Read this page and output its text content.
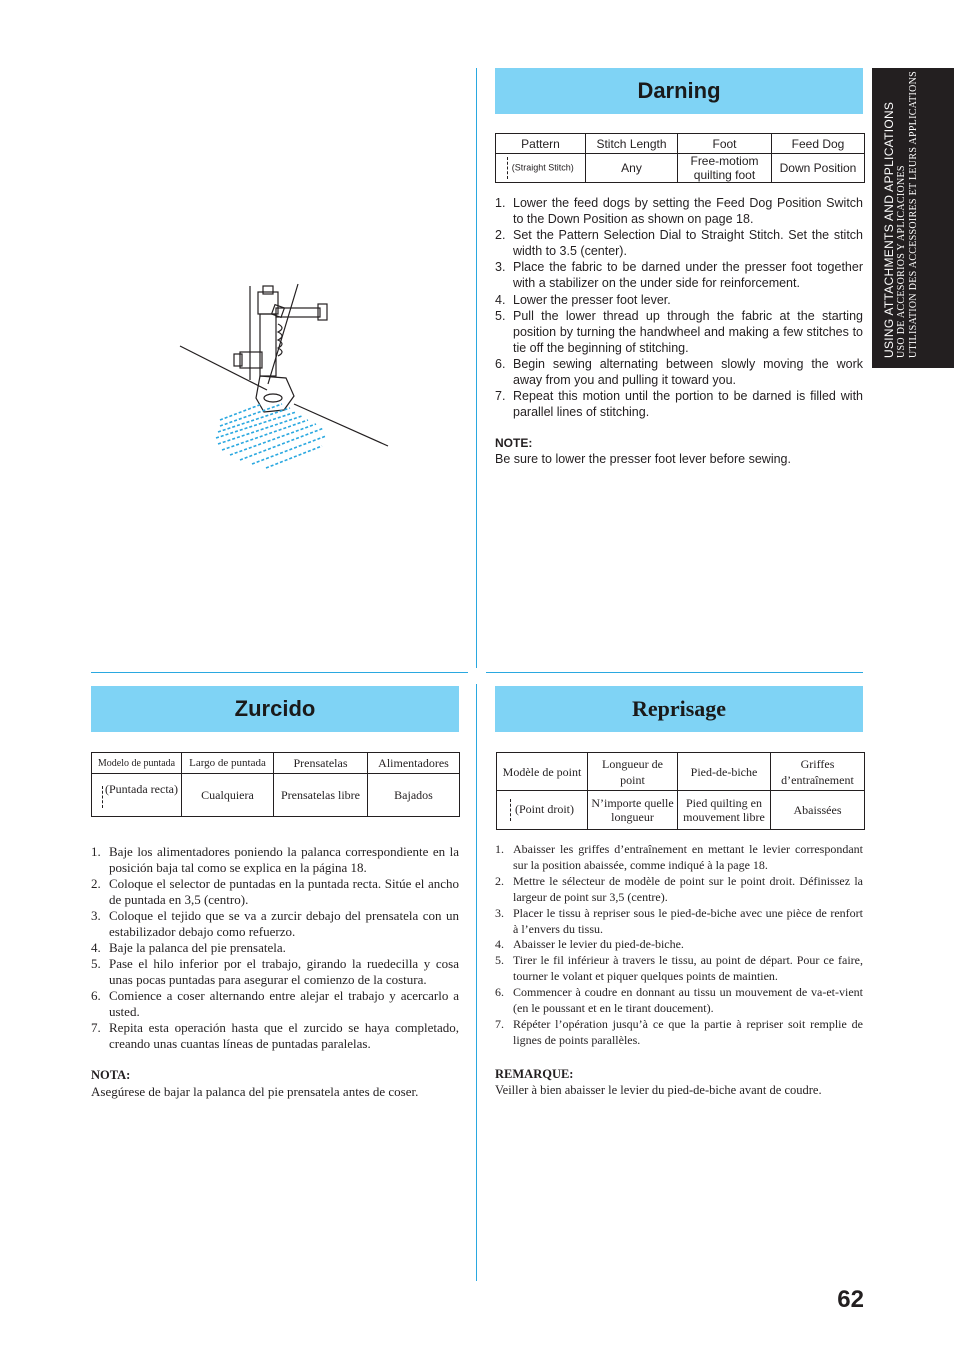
USING ATTACHMENTS AND APPLICATIONS USO DE ACCESORIOS Y APLICACIONES UTILISATION DES ACCESSOIRES ET LEURS APPLICATIONS
Darning
Pattern	Stitch Length	Foot	Feed Dog
(Straight Stitch)	Any	Free-motiom quilting foot	Down Position
1. Lower the feed dogs by setting the Feed Dog Position Switch to the Down Position as shown on page 18.
2. Set the Pattern Selection Dial to Straight Stitch. Set the stitch width to 3.5 (center).
3. Place the fabric to be darned under the presser foot together with a stabilizer on the under side for reinforcement.
4. Lower the presser foot lever.
5. Pull the lower thread up through the fabric at the starting position by turning the handwheel and making a few stitches to tie off the beginning of stitching.
6. Begin sewing alternating between slowly moving the work away from you and pulling it toward you.
7. Repeat this motion until the portion to be darned is filled with parallel lines of stitching.
NOTE:
Be sure to lower the presser foot lever before sewing.
Zurcido
Modelo de puntada	Largo de puntada	Prensatelas	Alimentadores

(Puntada recta)	Cualquiera	Prensatelas libre	Bajados
1. Baje los alimentadores poniendo la palanca correspondiente en la posición baja tal como se explica en la página 18.
2. Coloque el selector de puntadas en la puntada recta. Sitúe el ancho de puntada en 3,5 (centro).
3. Coloque el tejido que se va a zurcir debajo del prensatela con un estabilizador debajo como refuerzo.
4. Baje la palanca del pie prensatela.
5. Pase el hilo inferior por el trabajo, girando la ruedecilla y cosa unas pocas puntadas para asegurar el comienzo de la costura.
6. Comience a coser alternando entre alejar el trabajo y acercarlo a usted.
7. Repita esta operación hasta que el zurcido se haya completado, creando unas cuantas líneas de puntadas paralelas.
NOTA:
Asegúrese de bajar la palanca del pie prensatela antes de coser.
Reprisage
Modèle de point	Longueur de point	Pied-de-biche	Griffes d’entraînement
(Point droit)	N’importe quelle longueur	Pied quilting en mouvement libre	Abaissées
1. Abaisser les griffes d’entraînement en mettant le levier correspondant sur la position abaissée, comme indiqué à la page 18.
2. Mettre le sélecteur de modèle de point sur le point droit. Définissez la largeur de point sur 3,5 (centre).
3. Placer le tissu à repriser sous le pied-de-biche avec une pièce de renfort à l’envers du tissu.
4. Abaisser le levier du pied-de-biche.
5. Tirer le fil inférieur à travers le tissu, au point de départ. Pour ce faire, tourner le volant et piquer quelques points de maintien.
6. Commencer à coudre en donnant au tissu un mouvement de va-et-vient (en le poussant et en le tirant doucement).
7. Répéter l’opération jusqu’à ce que la partie à repriser soit remplie de lignes de points parallèles.
REMARQUE:
Veiller à bien abaisser le levier du pied-de-biche avant de coudre.
62
